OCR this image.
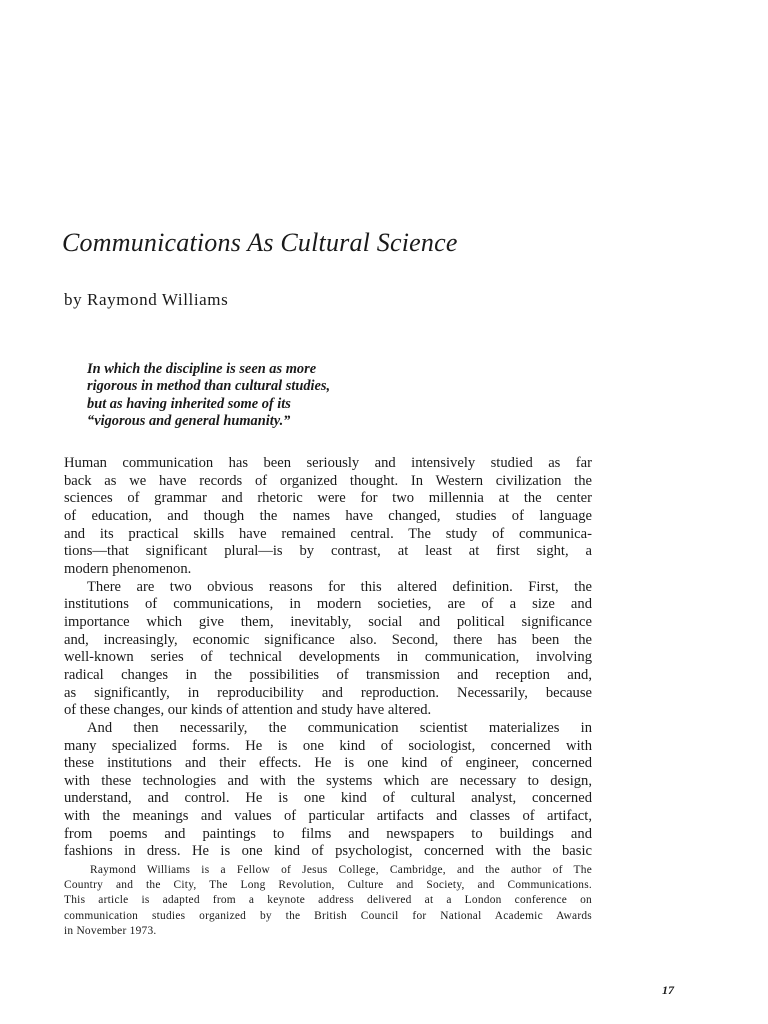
Communications As Cultural Science

by Raymond Williams

In which the discipline is seen as more
rigorous in method than cultural studies,
but as having inherited some of its
“vigorous and general humanity.”
Human communication has been seriously and intensively studied as far
back as we have records of organized thought. In Western civilization the
sciences of grammar and rhetoric were for two millennia at the center
of education, and though the names have changed, studies of language
and its practical skills have remained central. The study of communica-
tions—that significant plural—is by contrast, at least at first sight, a
modern phenomenon.
There are two obvious reasons for this altered definition. First, the
institutions of communications, in modern societies, are of a size and
importance which give them, inevitably, social and political significance
and, increasingly, economic significance also. Second, there has been the
well-known series of technical developments in communication, involving
radical changes in the possibilities of transmission and reception and,
as significantly, in reproducibility and reproduction. Necessarily, because
of these changes, our kinds of attention and study have altered.
And then necessarily, the communication scientist materializes in
many specialized forms. He is one kind of sociologist, concerned with
these institutions and their effects. He is one kind of engineer, concerned
with these technologies and with the systems which are necessary to design,
understand, and control. He is one kind of cultural analyst, concerned
with the meanings and values of particular artifacts and classes of artifact,
from poems and paintings to films and newspapers to buildings and
fashions in dress. He is one kind of psychologist, concerned with the basic
Raymond Williams is a Fellow of Jesus College, Cambridge, and the author of The
Country and the City, The Long Revolution, Culture and Society, and Communications.
This article is adapted from a keynote address delivered at a London conference on
communication studies organized by the British Council for National Academic Awards
in November 1973.

17
